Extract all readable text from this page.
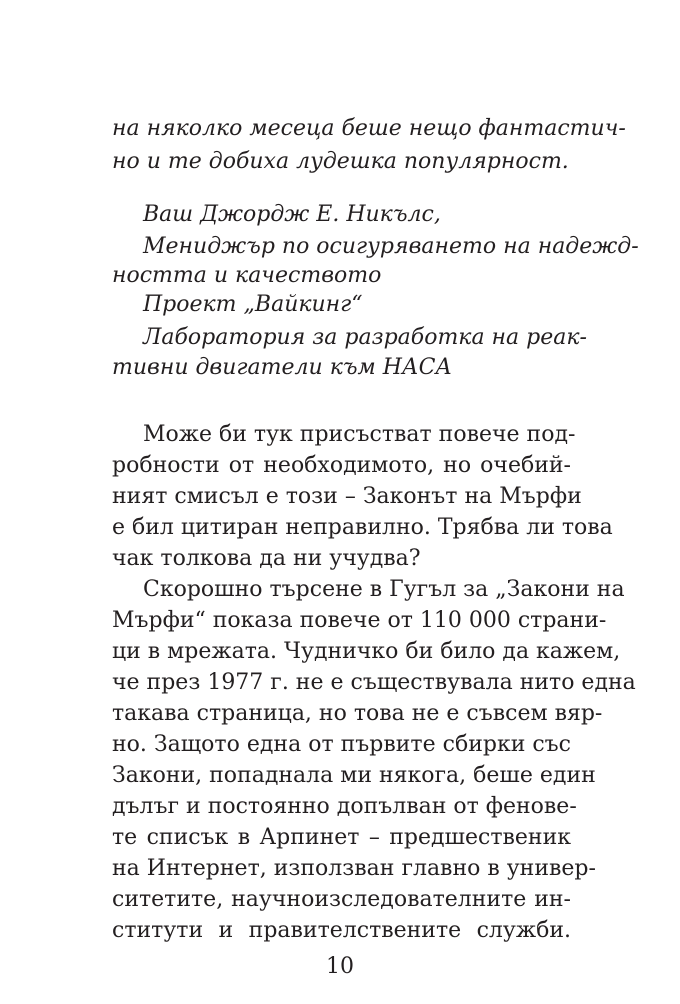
на няколко месеца беше нещо фантастич-
но и те добиха лудешка популярност.
Ваш Джордж Е. Никълс,
Мениджър по осигуряването на надежд-
ността и качеството
Проект „Вайкинг“
Лаборатория за разработка на реак-
тивни двигатели към НАСА
Може би тук присъстват повече под-
робности от необходимото, но очебий-
ният смисъл е този – Законът на Мърфи
е бил цитиран неправилно. Трябва ли това
чак толкова да ни учудва?
Скорошно търсене в Гугъл за „Закони на
Мърфи“ показа повече от 110 000 страни-
ци в мрежата. Чудничко би било да кажем,
че през 1977 г. не е съществувала нито една
такава страница, но това не е съвсем вяр-
но. Защото една от първите сбирки със
Закони, попаднала ми някога, беше един
дълъг и постоянно допълван от фенове-
те списък в Арпинет – предшественик
на Интернет, използван главно в универ-
ситетите, научноизследователните ин-
ститути и правителствените служби.
10
